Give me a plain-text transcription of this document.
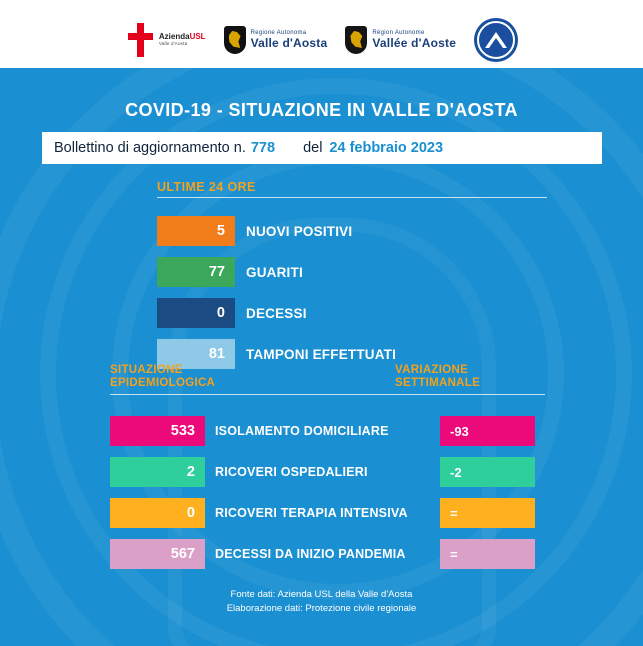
AziendaUSL
Valle d'Aosta
Regione Autonoma
Valle d'Aosta
Région Autonome
Vallée d'Aoste
COVID-19 - SITUAZIONE IN VALLE D'AOSTA
Bollettino di aggiornamento n. 778 del 24 febbraio 2023
ULTIME 24 ORE
5	NUOVI POSITIVI
77	GUARITI
0	DECESSI
81	TAMPONI EFFETTUATI
SITUAZIONE
EPIDEMIOLOGICA
VARIAZIONE
SETTIMANALE
533	ISOLAMENTO DOMICILIARE	-93
2	RICOVERI OSPEDALIERI	-2
0	RICOVERI TERAPIA INTENSIVA	=
567	DECESSI DA INIZIO PANDEMIA	=
Fonte dati: Azienda USL della Valle d'Aosta
Elaborazione dati: Protezione civile regionale
